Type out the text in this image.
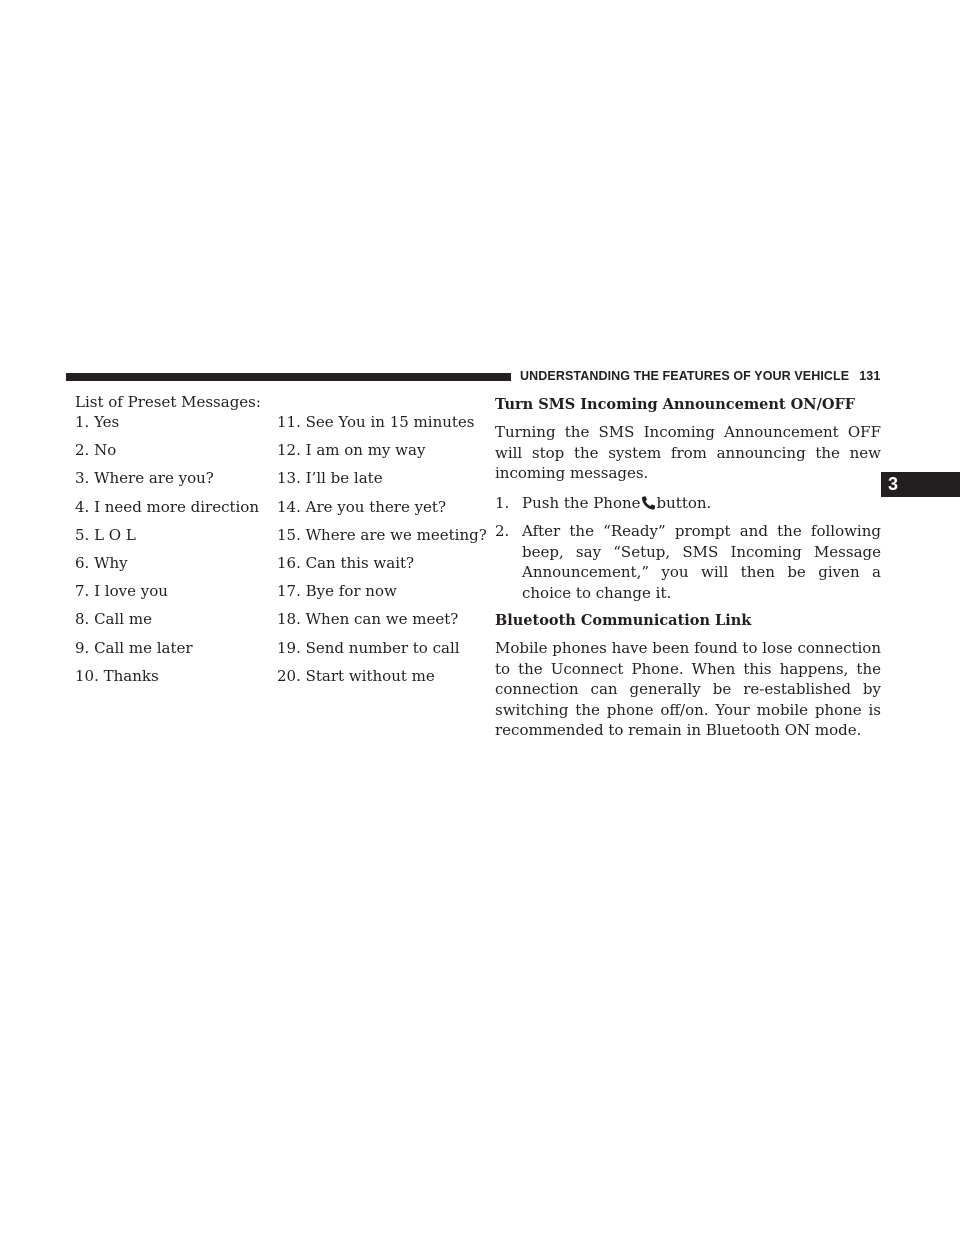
UNDERSTANDING THE FEATURES OF YOUR VEHICLE 131
3
List of Preset Messages:
1. Yes
2. No
3. Where are you?
4. I need more direction
5. L O L
6. Why
7. I love you
8. Call me
9. Call me later
10. Thanks
11. See You in 15 minutes
12. I am on my way
13. I’ll be late
14. Are you there yet?
15. Where are we meeting?
16. Can this wait?
17. Bye for now
18. When can we meet?
19. Send number to call
20. Start without me
Turn SMS Incoming Announcement ON/OFF

Turning the SMS Incoming Announcement OFF will stop the system from announcing the new incoming messages.

1. Push the Phone button.
2. After the “Ready” prompt and the following beep, say “Setup, SMS Incoming Message Announcement,” you will then be given a choice to change it.
Bluetooth Communication Link

Mobile phones have been found to lose connection to the Uconnect Phone. When this happens, the connection can generally be re-established by switching the phone off/on. Your mobile phone is recommended to remain in Bluetooth ON mode.
